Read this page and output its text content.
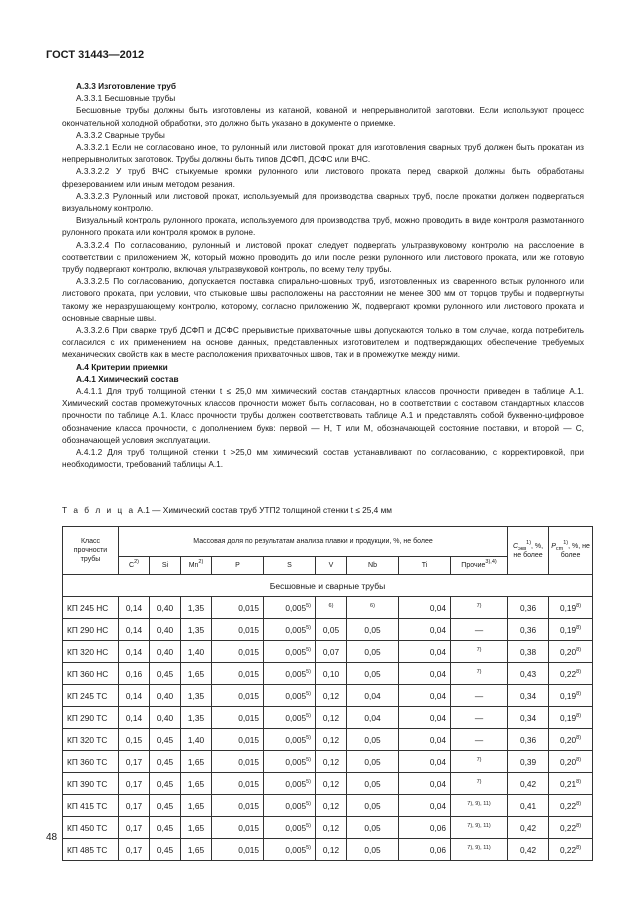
ГОСТ 31443—2012

А.3.3 Изготовление труб

А.3.3.1 Бесшовные трубы

Бесшовные трубы должны быть изготовлены из катаной, кованой и непрерывнолитой заготовки. Если используют процесс окончательной холодной обработки, это должно быть указано в документе о приемке.

А.3.3.2 Сварные трубы

А.3.3.2.1 Если не согласовано иное, то рулонный или листовой прокат для изготовления сварных труб должен быть прокатан из непрерывнолитых заготовок. Трубы должны быть типов ДСФП, ДСФС или ВЧС.

А.3.3.2.2 У труб ВЧС стыкуемые кромки рулонного или листового проката перед сваркой должны быть обработаны фрезерованием или иным методом резания.

А.3.3.2.3 Рулонный или листовой прокат, используемый для производства сварных труб, после прокатки должен подвергаться визуальному контролю.

Визуальный контроль рулонного проката, используемого для производства труб, можно проводить в виде контроля размотанного рулонного проката или контроля кромок в рулоне.

А.3.3.2.4 По согласованию, рулонный и листовой прокат следует подвергать ультразвуковому контролю на расслоение в соответствии с приложением Ж, который можно проводить до или после резки рулонного или листового проката, или же готовую трубу подвергают контролю, включая ультразвуковой контроль, по всему телу трубы.

А.3.3.2.5 По согласованию, допускается поставка спирально-шовных труб, изготовленных из сваренного встык рулонного или листового проката, при условии, что стыковые швы расположены на расстоянии не менее 300 мм от торцов трубы и подвергнуты такому же неразрушающему контролю, которому, согласно приложению Ж, подвергают кромки рулонного или листового проката и основные сварные швы.

А.3.3.2.6 При сварке труб ДСФП и ДСФС прерывистые прихваточные швы допускаются только в том случае, когда потребитель согласился с их применением на основе данных, представленных изготовителем и подтверждающих обеспечение требуемых механических свойств как в месте расположения прихваточных швов, так и в промежутке между ними.

А.4 Критерии приемки

А.4.1 Химический состав

А.4.1.1 Для труб толщиной стенки t ≤ 25,0 мм химический состав стандартных классов прочности приведен в таблице А.1. Химический состав промежуточных классов прочности может быть согласован, но в соответствии с составом стандартных классов прочности по таблице А.1. Класс прочности трубы должен соответствовать таблице А.1 и представлять собой буквенно-цифровое обозначение класса прочности, с дополнением букв: первой — Н, Т или М, обозначающей состояние поставки, и второй — С, обозначающей условия эксплуатации.

А.4.1.2 Для труб толщиной стенки t >25,0 мм химический состав устанавливают по согласованию, с корректировкой, при необходимости, требований таблицы А.1.

Т а б л и ц а А.1 — Химический состав труб УТП2 толщиной стенки t ≤ 25,4 мм
Класс прочности трубы	Массовая доля по результатам анализа плавки и продукции, %, не более									$C_{экв}^{1)}$, %, не более	$P_{cm}^{1)}$, %, не более
	$C^{2)}$	Si	Mn$^{2)}$	P	S	V	Nb	Ti	Прочие$^{3),4)}$
Бесшовные и сварные трубы											
КП 245 НС	0,14	0,40	1,35	0,015	0,005$^{5)}$	$^{6)}$	$^{6)}$	0,04	$^{7)}$	0,36	0,19$^{8)}$
КП 290 НС	0,14	0,40	1,35	0,015	0,005$^{5)}$	0,05	0,05	0,04	—	0,36	0,19$^{8)}$
КП 320 НС	0,14	0,40	1,40	0,015	0,005$^{5)}$	0,07	0,05	0,04	$^{7)}$	0,38	0,20$^{8)}$
КП 360 НС	0,16	0,45	1,65	0,015	0,005$^{5)}$	0,10	0,05	0,04	$^{7)}$	0,43	0,22$^{8)}$
КП 245 ТС	0,14	0,40	1,35	0,015	0,005$^{5)}$	0,12	0,04	0,04	—	0,34	0,19$^{8)}$
КП 290 ТС	0,14	0,40	1,35	0,015	0,005$^{5)}$	0,12	0,04	0,04	—	0,34	0,19$^{8)}$
КП 320 ТС	0,15	0,45	1,40	0,015	0,005$^{5)}$	0,12	0,05	0,04	—	0,36	0,20$^{8)}$
КП 360 ТС	0,17	0,45	1,65	0,015	0,005$^{5)}$	0,12	0,05	0,04	$^{7)}$	0,39	0,20$^{8)}$
КП 390 ТС	0,17	0,45	1,65	0,015	0,005$^{5)}$	0,12	0,05	0,04	$^{7)}$	0,42	0,21$^{8)}$
КП 415 ТС	0,17	0,45	1,65	0,015	0,005$^{5)}$	0,12	0,05	0,04	$^{7), 9), 11)}$	0,41	0,22$^{8)}$
КП 450 ТС	0,17	0,45	1,65	0,015	0,005$^{5)}$	0,12	0,05	0,06	$^{7), 9), 11)}$	0,42	0,22$^{8)}$
КП 485 ТС	0,17	0,45	1,65	0,015	0,005$^{5)}$	0,12	0,05	0,06	$^{7), 9), 11)}$	0,42	0,22$^{8)}$
48
